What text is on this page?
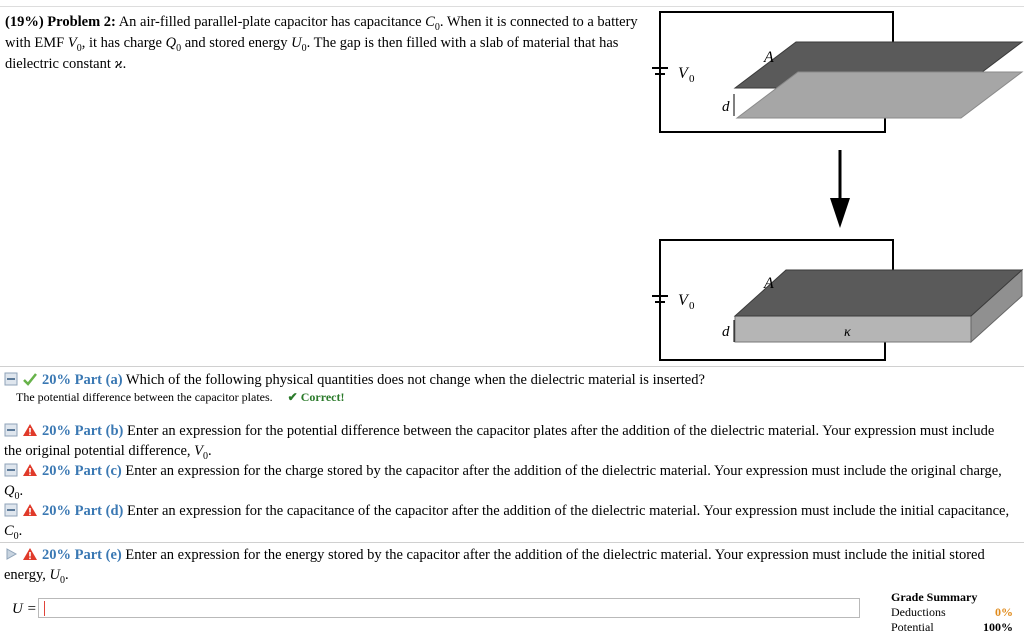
(19%) Problem 2: An air-filled parallel-plate capacitor has capacitance $C_0$. When it is connected to a battery with EMF $V_0$, it has charge $Q_0$ and stored energy $U_0$. The gap is then filled with a slab of material that has dielectric constant ϰ.
V 0
A
d
V 0
A
d	κ
20% Part (a) Which of the following physical quantities does not change when the dielectric material is inserted?
The potential difference between the capacitor plates. ✔ Correct!
20% Part (b) Enter an expression for the potential difference between the capacitor plates after the addition of the dielectric material. Your expression must include the original potential difference, $V_0$.
20% Part (c) Enter an expression for the charge stored by the capacitor after the addition of the dielectric material. Your expression must include the original charge, $Q_0$.
20% Part (d) Enter an expression for the capacitance of the capacitor after the addition of the dielectric material. Your expression must include the initial capacitance, $C_0$.
20% Part (e) Enter an expression for the energy stored by the capacitor after the addition of the dielectric material. Your expression must include the initial stored energy, $U_0$.
U =
Grade Summary
Deductions	0%
Potential	100%
